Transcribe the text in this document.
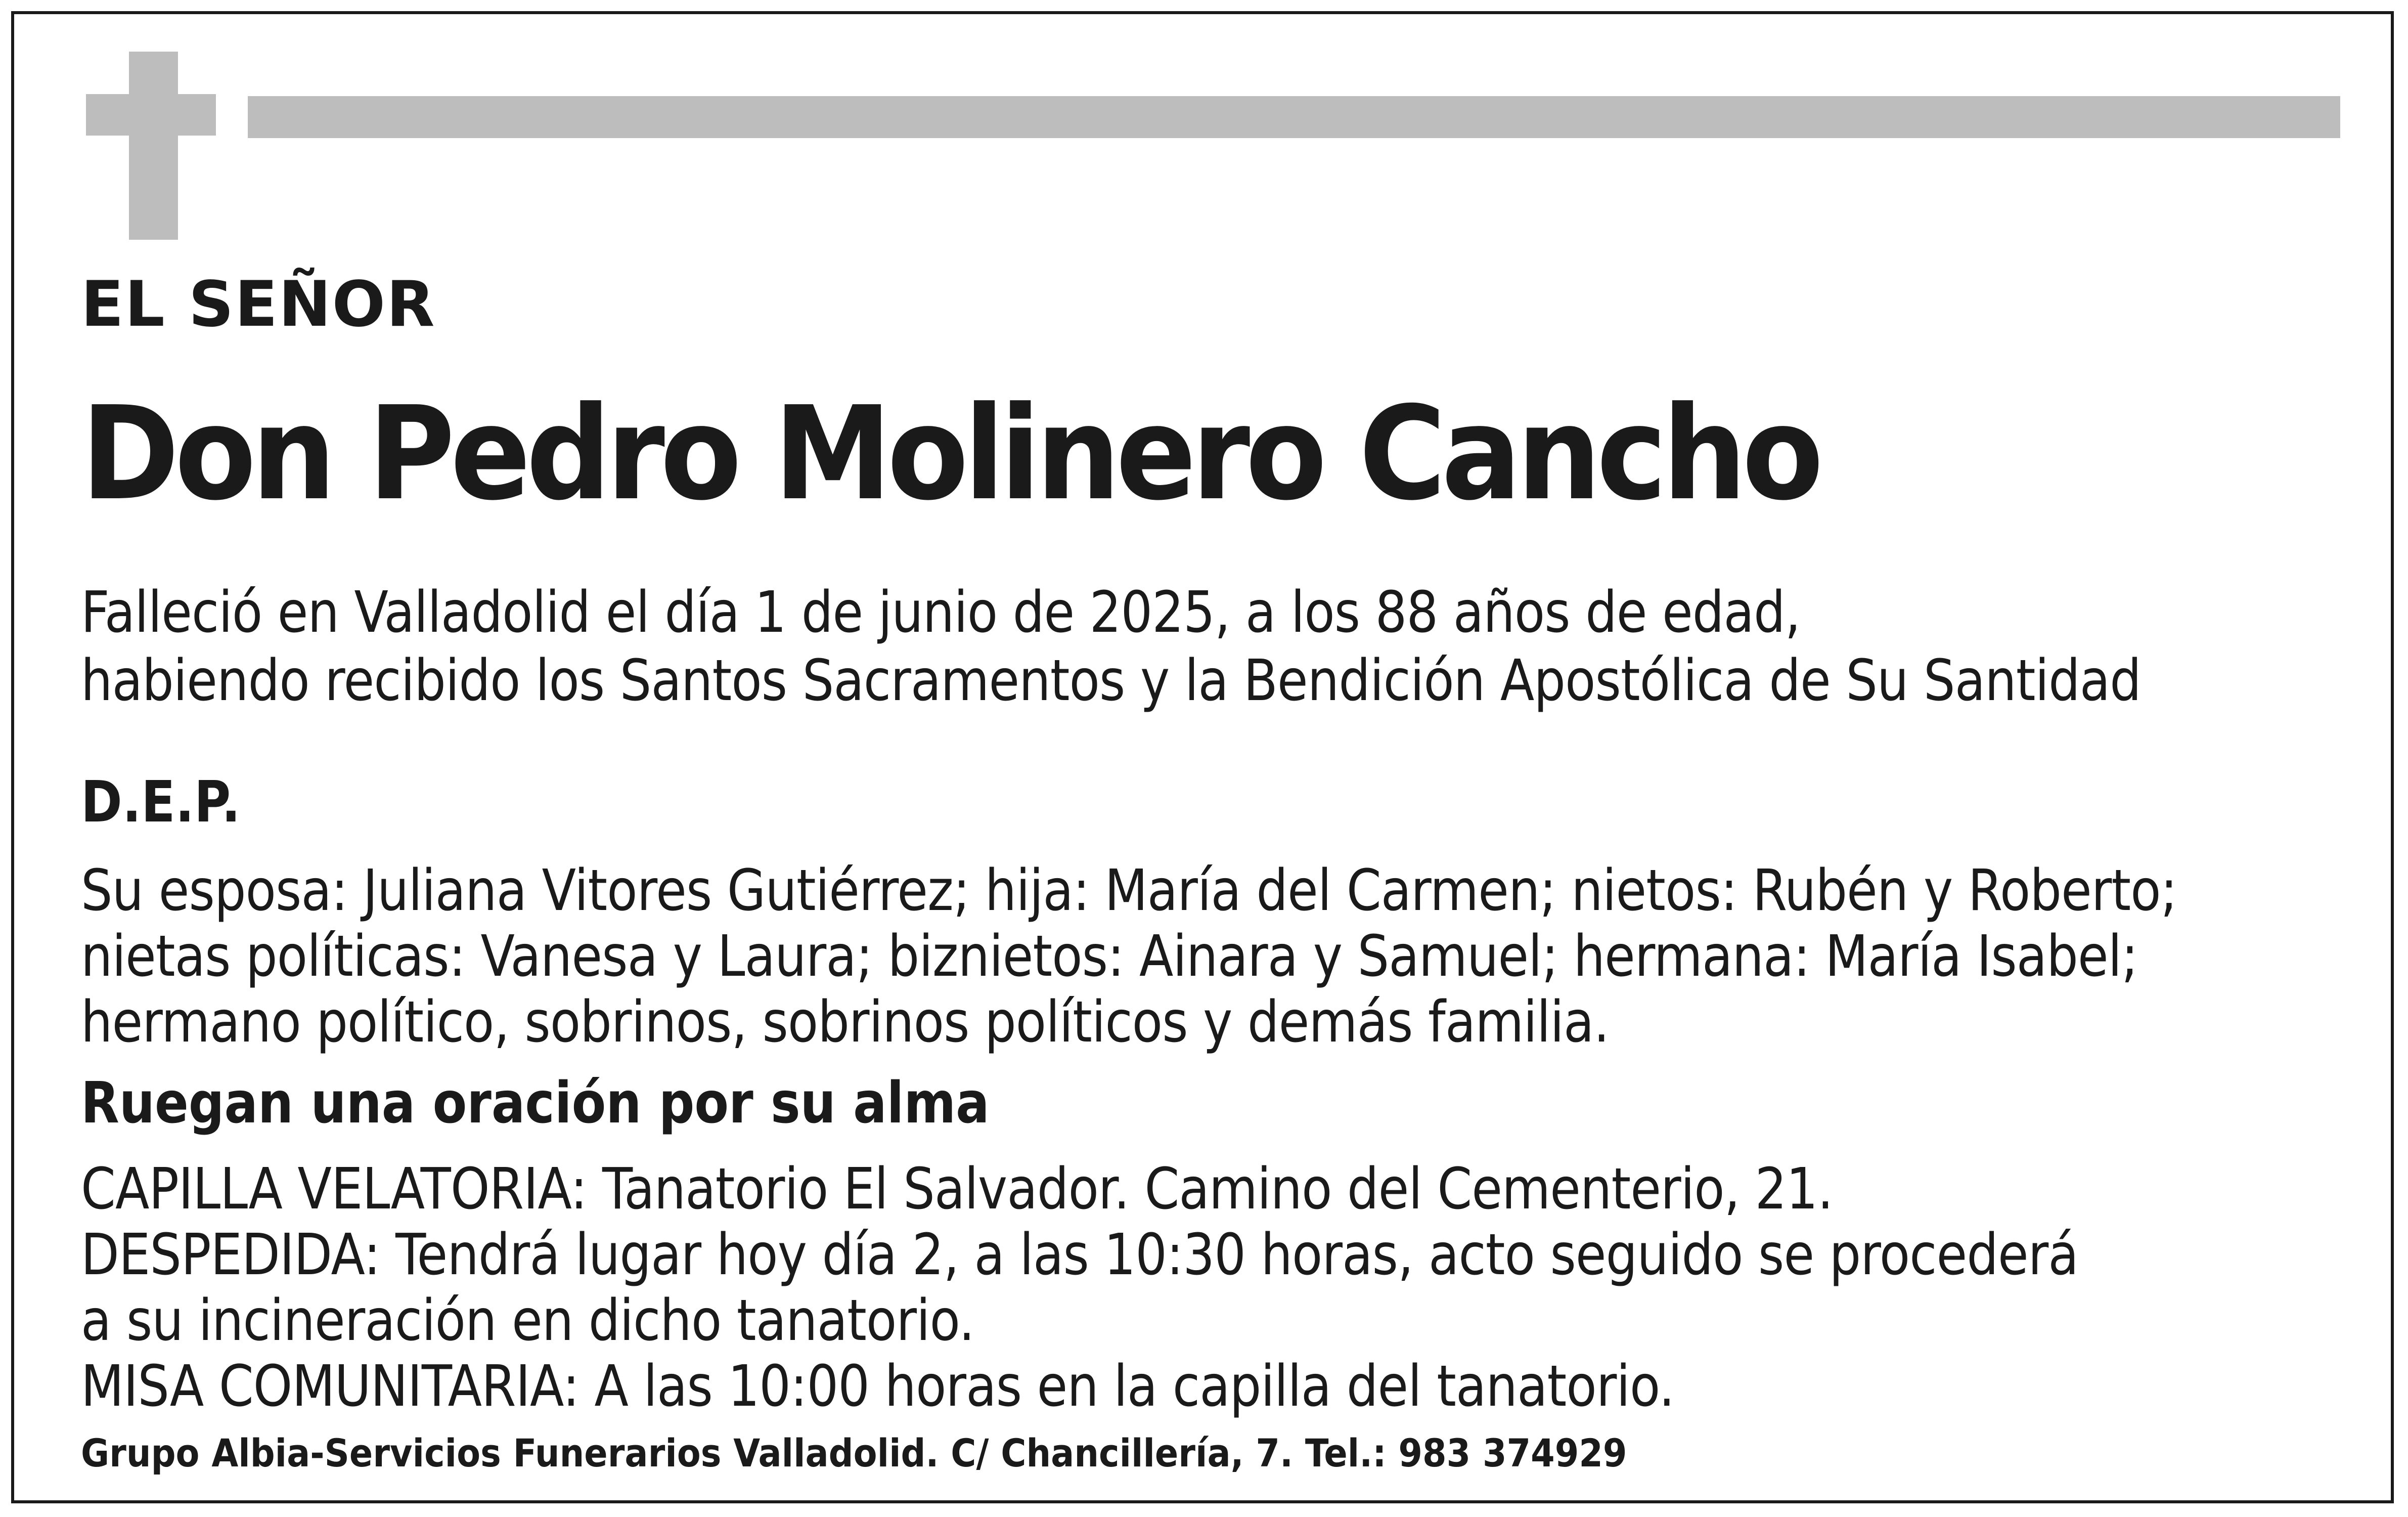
EL SEÑOR

Don Pedro Molinero Cancho

Falleció en Valladolid el día 1 de junio de 2025, a los 88 años de edad,

habiendo recibido los Santos Sacramentos y la Bendición Apostólica de Su Santidad

D.E.P.

Su esposa: Juliana Vitores Gutiérrez; hija: María del Carmen; nietos: Rubén y Roberto;

nietas políticas: Vanesa y Laura; biznietos: Ainara y Samuel; hermana: María Isabel;

hermano político, sobrinos, sobrinos políticos y demás familia.

Ruegan una oración por su alma

CAPILLA VELATORIA: Tanatorio El Salvador. Camino del Cementerio, 21.

DESPEDIDA: Tendrá lugar hoy día 2, a las 10:30 horas, acto seguido se procederá

a su incineración en dicho tanatorio.

MISA COMUNITARIA: A las 10:00 horas en la capilla del tanatorio.

Grupo Albia-Servicios Funerarios Valladolid. C/ Chancillería, 7. Tel.: 983 374929
